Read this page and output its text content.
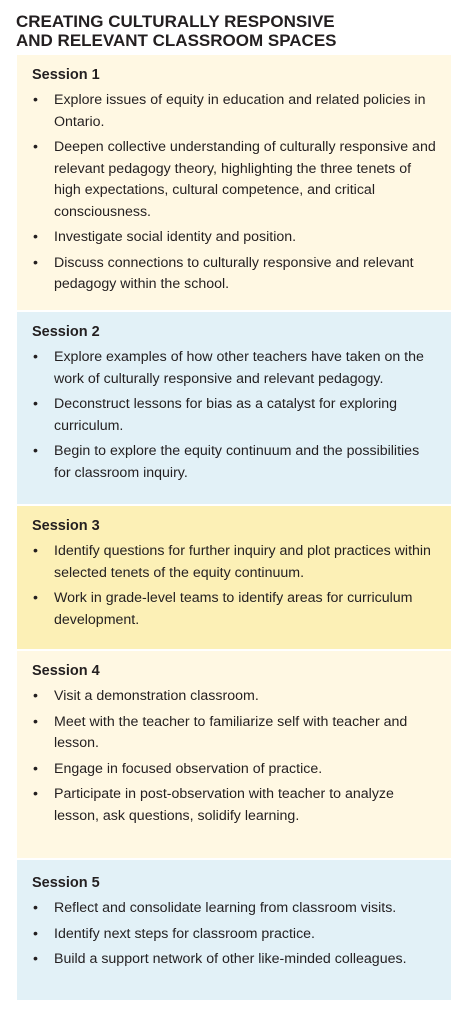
CREATING CULTURALLY RESPONSIVE
AND RELEVANT CLASSROOM SPACES
Session 1
•	Explore issues of equity in education and related policies in Ontario.
•	Deepen collective understanding of culturally responsive and relevant pedagogy theory, highlighting the three tenets of high expectations, cultural competence, and critical consciousness.
•	Investigate social identity and position.
•	Discuss connections to culturally responsive and relevant pedagogy within the school.
Session 2
•	Explore examples of how other teachers have taken on the work of culturally responsive and relevant pedagogy.
•	Deconstruct lessons for bias as a catalyst for exploring curriculum.
•	Begin to explore the equity continuum and the possibilities for classroom inquiry.
Session 3
•	Identify questions for further inquiry and plot practices within selected tenets of the equity continuum.
•	Work in grade-level teams to identify areas for curriculum development.
Session 4
•	Visit a demonstration classroom.
•	Meet with the teacher to familiarize self with teacher and lesson.
•	Engage in focused observation of practice.
•	Participate in post-observation with teacher to analyze lesson, ask questions, solidify learning.
Session 5
•	Reflect and consolidate learning from classroom visits.
•	Identify next steps for classroom practice.
•	Build a support network of other like-minded colleagues.
